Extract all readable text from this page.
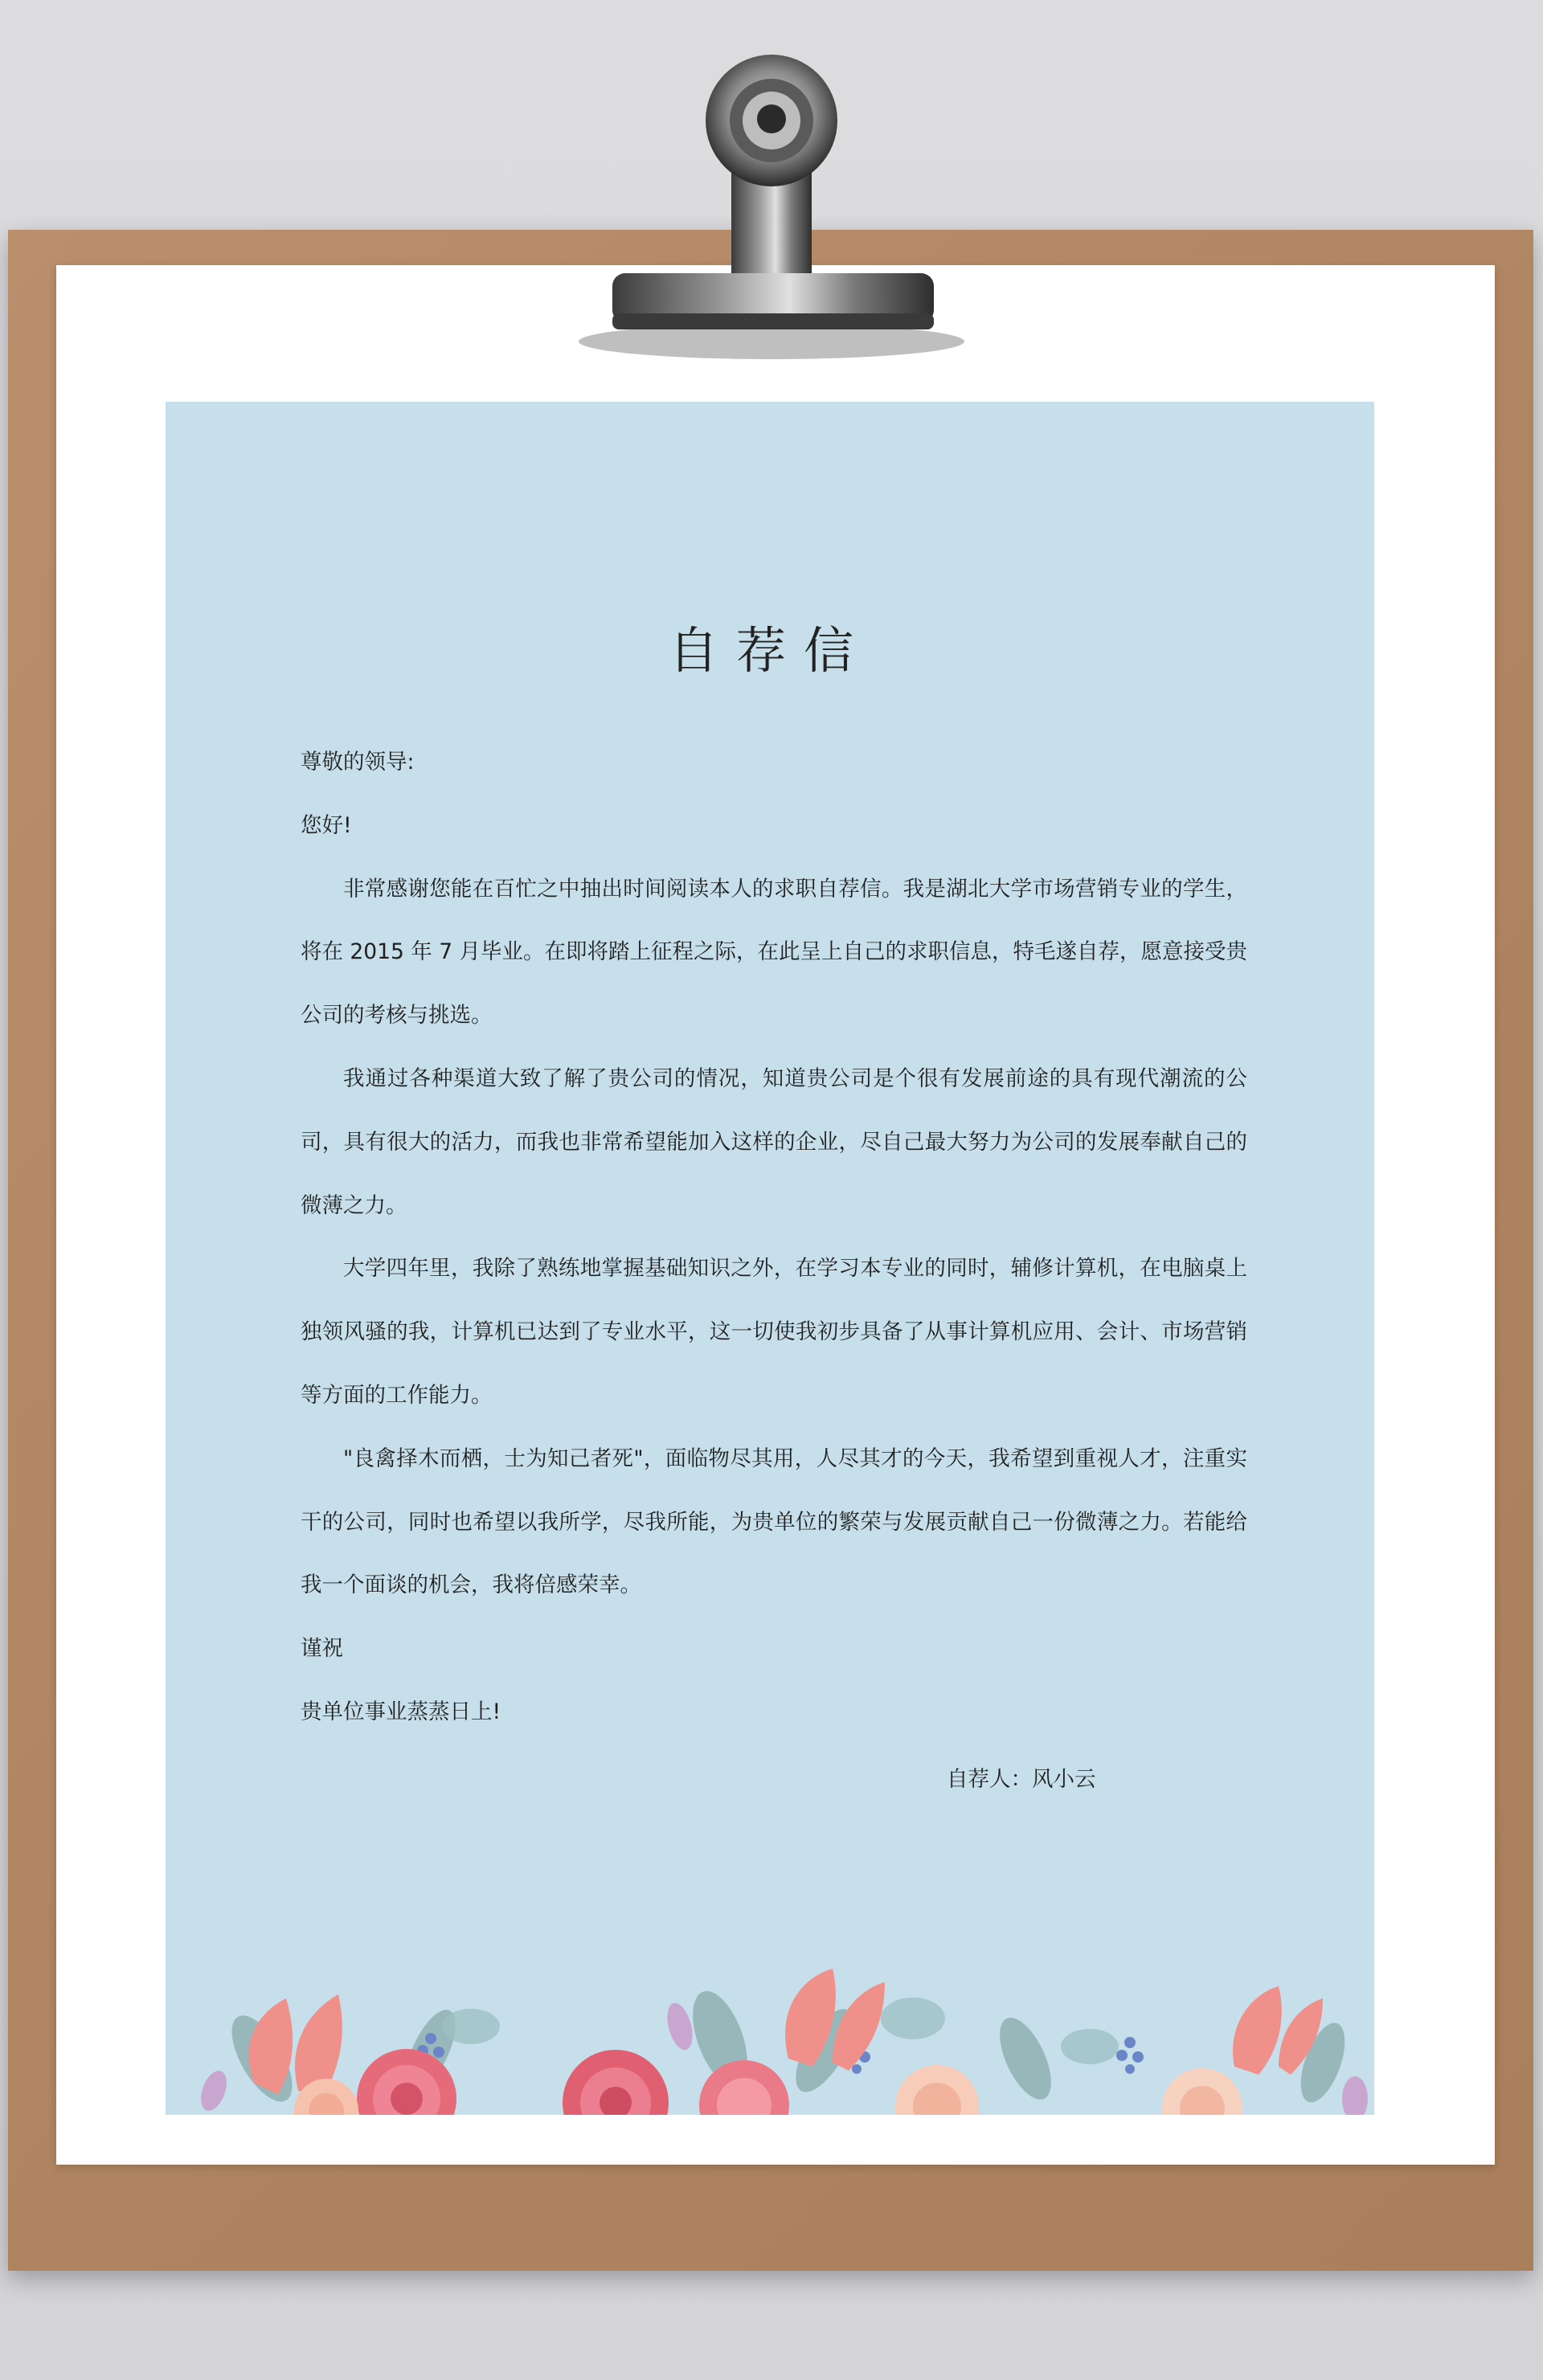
自荐信

尊敬的领导:

您好!

非常感谢您能在百忙之中抽出时间阅读本人的求职自荐信。我是湖北大学市场营销专业的学生，将在 2015 年 7 月毕业。在即将踏上征程之际，在此呈上自己的求职信息，特毛遂自荐，愿意接受贵公司的考核与挑选。

我通过各种渠道大致了解了贵公司的情况，知道贵公司是个很有发展前途的具有现代潮流的公司，具有很大的活力，而我也非常希望能加入这样的企业，尽自己最大努力为公司的发展奉献自己的微薄之力。

大学四年里，我除了熟练地掌握基础知识之外，在学习本专业的同时，辅修计算机，在电脑桌上独领风骚的我，计算机已达到了专业水平，这一切使我初步具备了从事计算机应用、会计、市场营销等方面的工作能力。

"良禽择木而栖，士为知己者死"，面临物尽其用，人尽其才的今天，我希望到重视人才，注重实干的公司，同时也希望以我所学，尽我所能，为贵单位的繁荣与发展贡献自己一份微薄之力。若能给我一个面谈的机会，我将倍感荣幸。

谨祝

贵单位事业蒸蒸日上!

自荐人：风小云
